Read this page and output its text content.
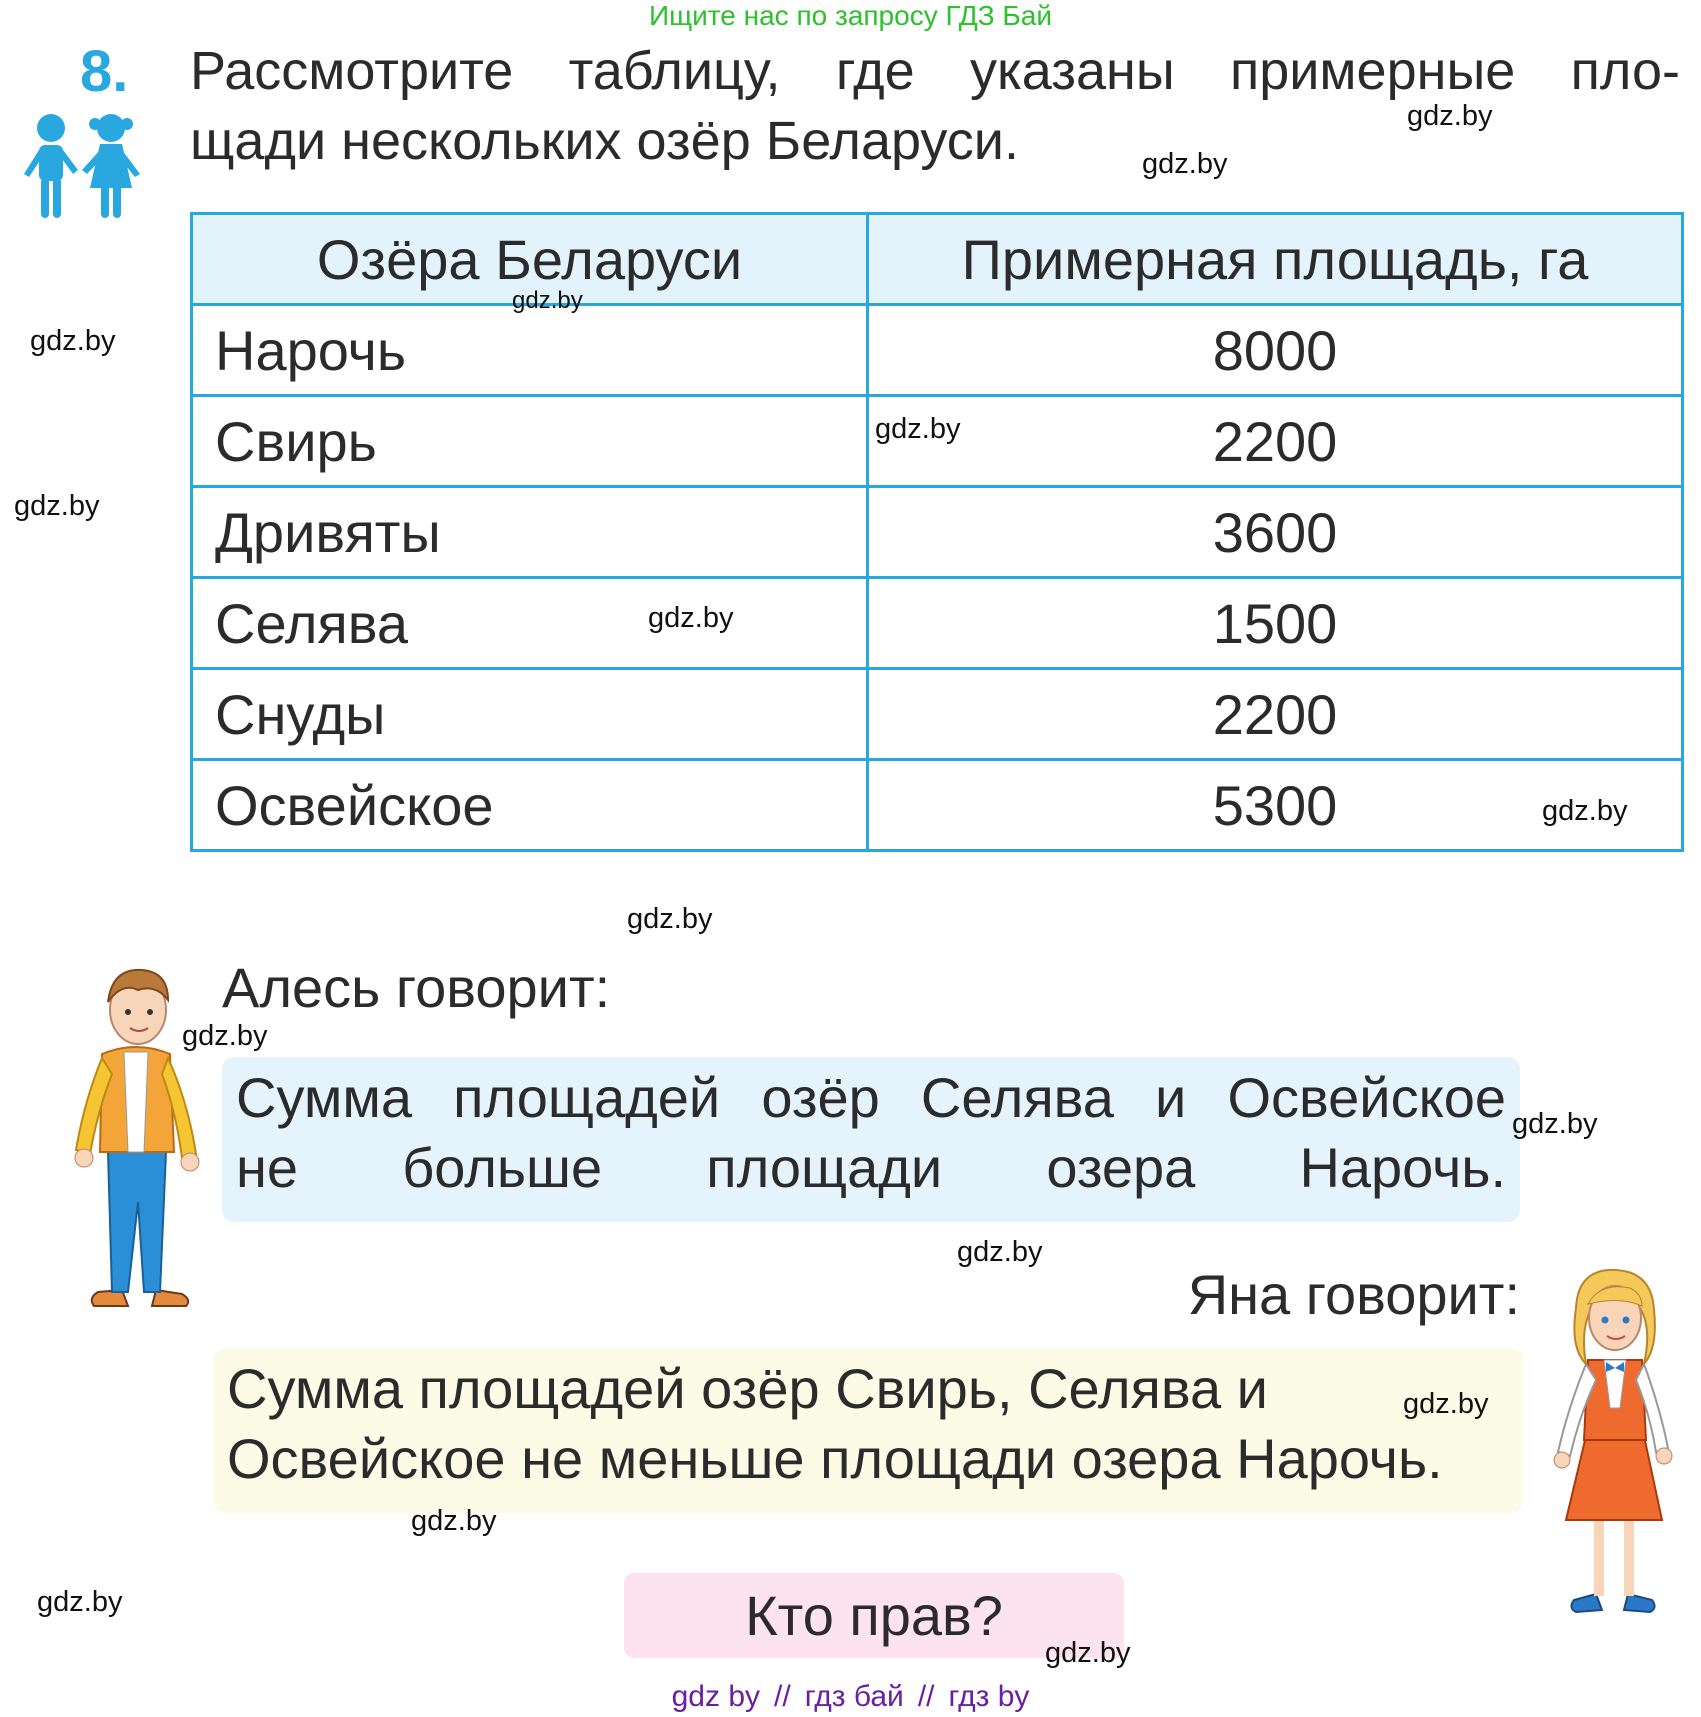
Ищите нас по запросу ГДЗ Бай
8. Рассмотрите таблицу, где указаны примерные пло-
щади нескольких озёр Беларуси.
Озёра Беларуси	Примерная площадь, га
Нарочь	8000
Свирь	2200
Дривяты	3600
Селява	1500
Снуды	2200
Освейское	5300
Алесь говорит:
Сумма площадей озёр Селява и Освейское
не больше площади озера Нарочь.
Яна говорит:
Сумма площадей озёр Свирь, Селява и
Освейское не меньше площади озера Нарочь.
Кто прав?
gdz by // гдз бай // гдз by
gdz.by
gdz.by
gdz.by
gdz.by
gdz.by
gdz.by
gdz.by
gdz.by
gdz.by
gdz.by
gdz.by
gdz.by
gdz.by
gdz.by
gdz.by
gdz.by
